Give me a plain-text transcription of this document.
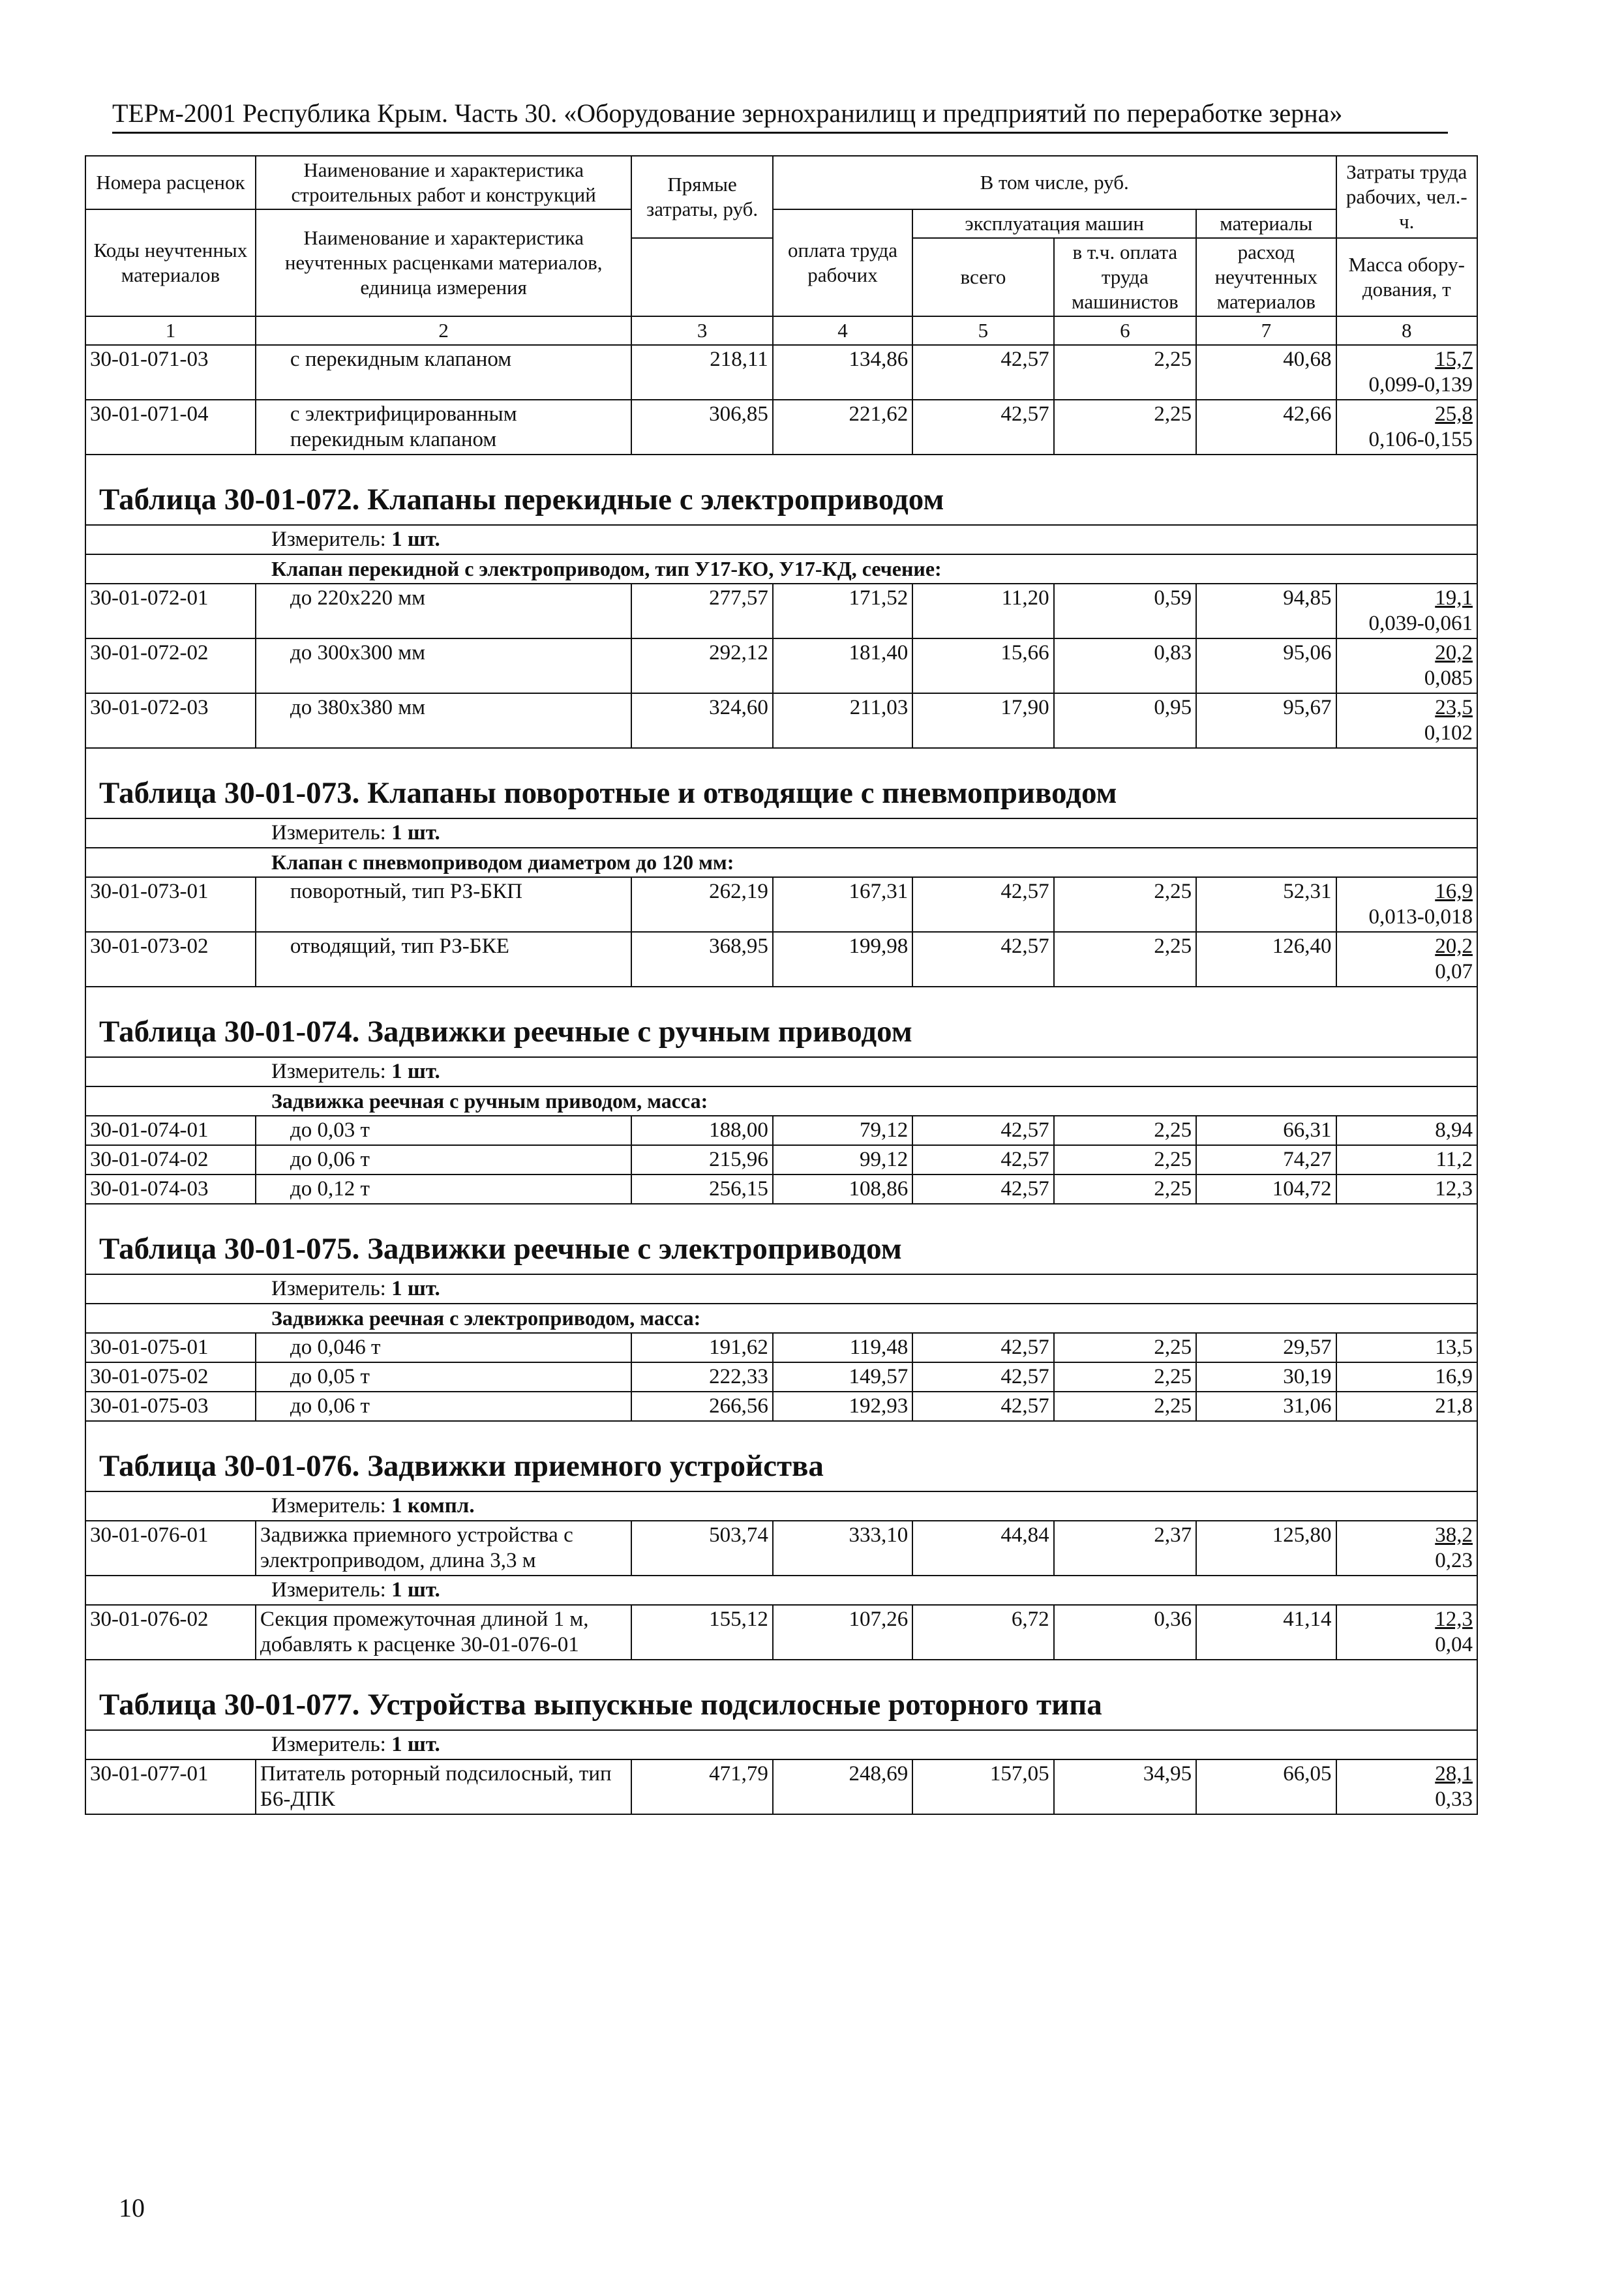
ТЕРм-2001 Республика Крым. Часть 30. «Оборудование зернохранилищ и предприятий по переработке зерна»
Номера расценок	Наименование и характеристика строительных работ и конструкций	Прямые затраты, руб.	В том числе, руб.				Затраты труда рабочих, чел.-ч.
Коды неучтенных материалов	Наименование и характеристика неучтенных расценками материалов, единица измерения		оплата труда рабочих	эксплуатация машин		материалы	
				всего	в т.ч. оплата труда машинистов	расход неучтенных материалов	Масса обору-дования, т

1	2	3	4	5	6	7	8
30-01-071-03	с перекидным клапаном	218,11	134,86	42,57	2,25	40,68	15,7
0,099-0,139

30-01-071-04	с электрифицированным перекидным клапаном	306,85	221,62	42,57	2,25	42,66	25,8
0,106-0,155

Таблица 30-01-072. Клапаны перекидные с электроприводом							
Измеритель: 1 шт.							
Клапан перекидной с электроприводом, тип У17-КО, У17-КД, сечение:							
30-01-072-01	до 220х220 мм	277,57	171,52	11,20	0,59	94,85	19,1
0,039-0,061

30-01-072-02	до 300х300 мм	292,12	181,40	15,66	0,83	95,06	20,2
0,085

30-01-072-03	до 380х380 мм	324,60	211,03	17,90	0,95	95,67	23,5
0,102

Таблица 30-01-073. Клапаны поворотные и отводящие с пневмоприводом							
Измеритель: 1 шт.							
Клапан с пневмоприводом диаметром до 120 мм:							
30-01-073-01	поворотный, тип РЗ-БКП	262,19	167,31	42,57	2,25	52,31	16,9
0,013-0,018

30-01-073-02	отводящий, тип РЗ-БКЕ	368,95	199,98	42,57	2,25	126,40	20,2
0,07

Таблица 30-01-074. Задвижки реечные с ручным приводом							
Измеритель: 1 шт.							
Задвижка реечная с ручным приводом, масса:							
30-01-074-01	до 0,03 т	188,00	79,12	42,57	2,25	66,31	8,94
30-01-074-02	до 0,06 т	215,96	99,12	42,57	2,25	74,27	11,2
30-01-074-03	до 0,12 т	256,15	108,86	42,57	2,25	104,72	12,3
Таблица 30-01-075. Задвижки реечные с электроприводом							
Измеритель: 1 шт.							
Задвижка реечная с электроприводом, масса:							
30-01-075-01	до 0,046 т	191,62	119,48	42,57	2,25	29,57	13,5
30-01-075-02	до 0,05 т	222,33	149,57	42,57	2,25	30,19	16,9
30-01-075-03	до 0,06 т	266,56	192,93	42,57	2,25	31,06	21,8
Таблица 30-01-076. Задвижки приемного устройства							
Измеритель: 1 компл.							
30-01-076-01	Задвижка приемного устройства с электроприводом, длина 3,3 м	503,74	333,10	44,84	2,37	125,80	38,2
0,23

Измеритель: 1 шт.							
30-01-076-02	Секция промежуточная длиной 1 м, добавлять к расценке 30-01-076-01	155,12	107,26	6,72	0,36	41,14	12,3
0,04

Таблица 30-01-077. Устройства выпускные подсилосные роторного типа							
Измеритель: 1 шт.							
30-01-077-01	Питатель роторный подсилосный, тип Б6-ДПК	471,79	248,69	157,05	34,95	66,05	28,1
0,33
10
